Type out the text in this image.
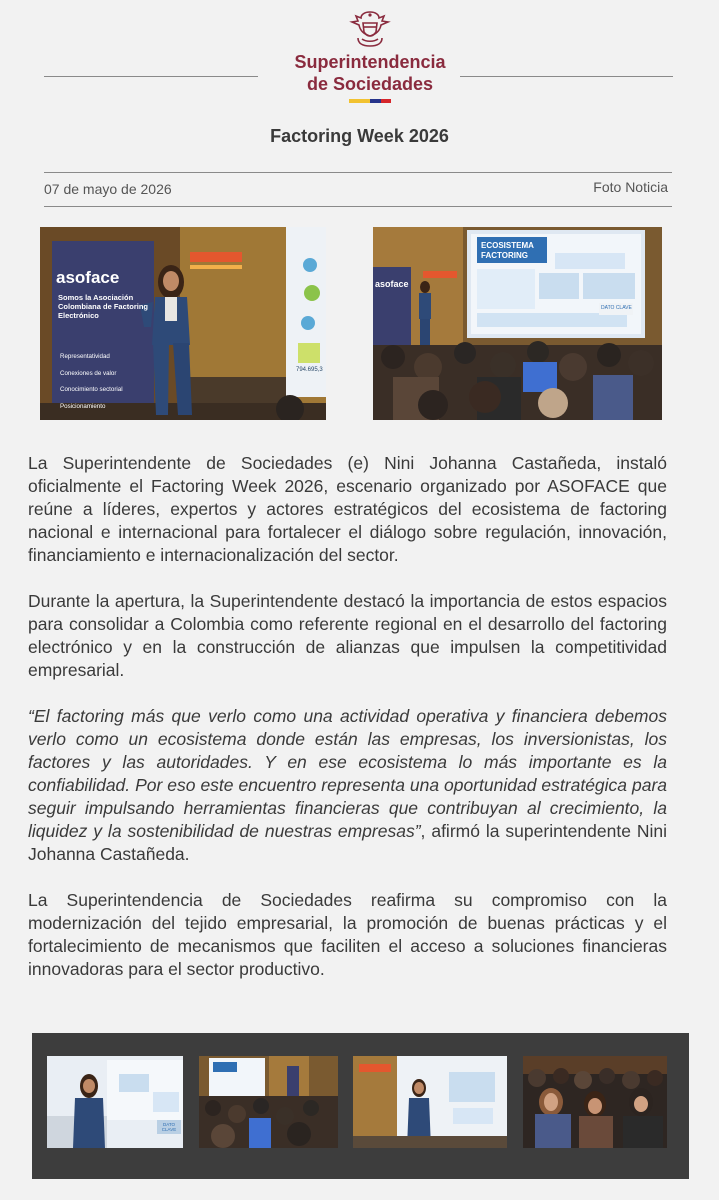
Superintendencia
de Sociedades
Factoring Week 2026
07 de mayo de 2026	Foto Noticia
asoface
Somos la Asociación Colombiana de Factoring Electrónico
Representatividad
Conexiones de valor
Conocimiento sectorial
Posicionamiento
794.695,3
ECOSISTEMA
FACTORING
DATO CLAVE
asoface

La Superintendente de Sociedades (e) Nini Johanna Castañeda, instaló oficialmente el Factoring Week 2026, escenario organizado por ASOFACE que reúne a líderes, expertos y actores estratégicos del ecosistema de factoring nacional e internacional para fortalecer el diálogo sobre regulación, innovación, financiamiento e internacionalización del sector.

Durante la apertura, la Superintendente destacó la importancia de estos espacios para consolidar a Colombia como referente regional en el desarrollo del factoring electrónico y en la construcción de alianzas que impulsen la competitividad empresarial.

“El factoring más que verlo como una actividad operativa y financiera debemos verlo como un ecosistema donde están las empresas, los inversionistas, los factores y las autoridades. Y en ese ecosistema lo más importante es la confiabilidad. Por eso este encuentro representa una oportunidad estratégica para seguir impulsando herramientas financieras que contribuyan al crecimiento, la liquidez y la sostenibilidad de nuestras empresas”, afirmó la superintendente Nini Johanna Castañeda.

La Superintendencia de Sociedades reafirma su compromiso con la modernización del tejido empresarial, la promoción de buenas prácticas y el fortalecimiento de mecanismos que faciliten el acceso a soluciones financieras innovadoras para el sector productivo.

DATO CLAVE
